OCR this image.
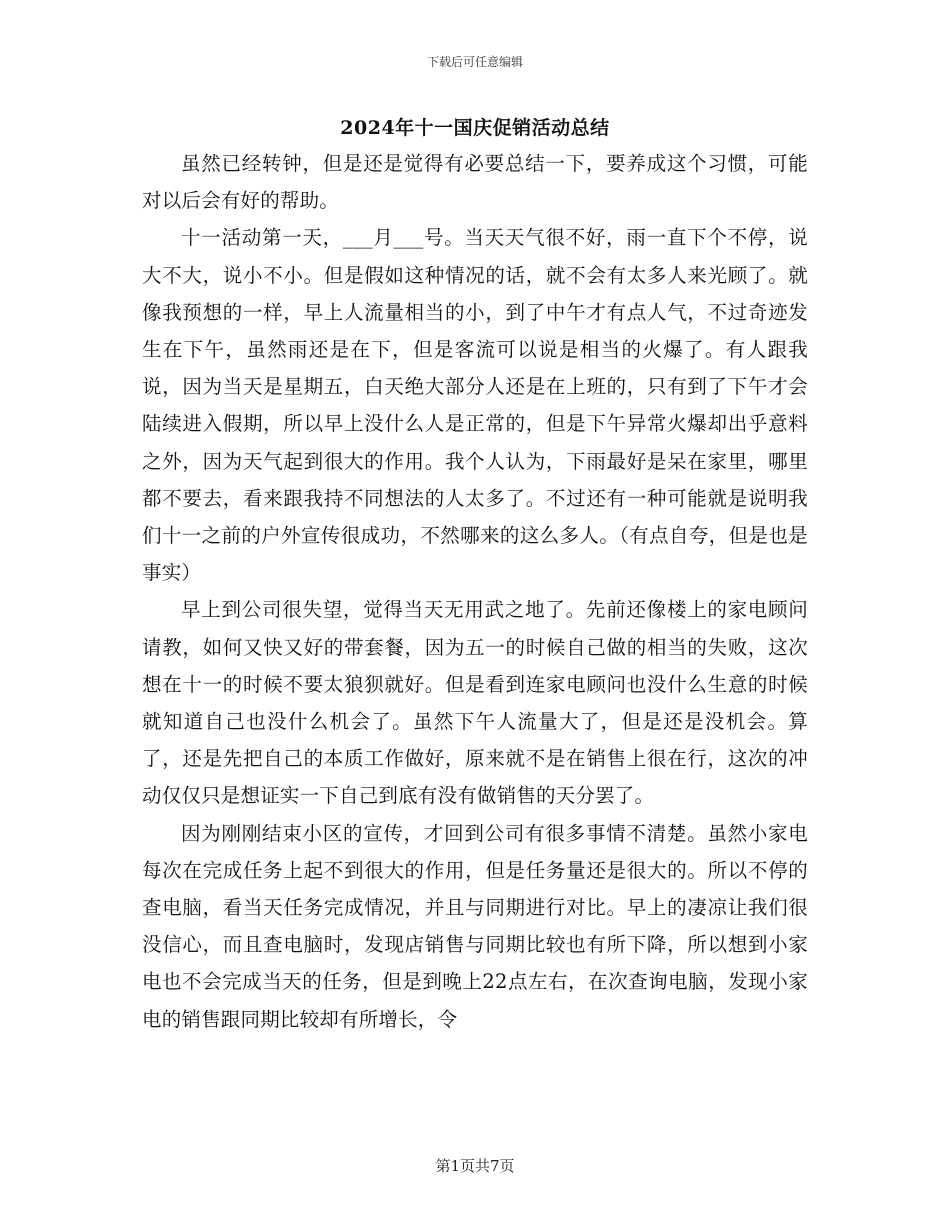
下载后可任意编辑
2024年十一国庆促销活动总结

虽然已经转钟，但是还是觉得有必要总结一下，要养成这个习惯，可能对以后会有好的帮助。

十一活动第一天，___月___号。当天天气很不好，雨一直下个不停，说大不大，说小不小。但是假如这种情况的话，就不会有太多人来光顾了。就像我预想的一样，早上人流量相当的小，到了中午才有点人气，不过奇迹发生在下午，虽然雨还是在下，但是客流可以说是相当的火爆了。有人跟我说，因为当天是星期五，白天绝大部分人还是在上班的，只有到了下午才会陆续进入假期，所以早上没什么人是正常的，但是下午异常火爆却出乎意料之外，因为天气起到很大的作用。我个人认为，下雨最好是呆在家里，哪里都不要去，看来跟我持不同想法的人太多了。不过还有一种可能就是说明我们十一之前的户外宣传很成功，不然哪来的这么多人。（有点自夸，但是也是事实）

早上到公司很失望，觉得当天无用武之地了。先前还像楼上的家电顾问请教，如何又快又好的带套餐，因为五一的时候自己做的相当的失败，这次想在十一的时候不要太狼狈就好。但是看到连家电顾问也没什么生意的时候就知道自己也没什么机会了。虽然下午人流量大了，但是还是没机会。算了，还是先把自己的本质工作做好，原来就不是在销售上很在行，这次的冲动仅仅只是想证实一下自己到底有没有做销售的天分罢了。

因为刚刚结束小区的宣传，才回到公司有很多事情不清楚。虽然小家电每次在完成任务上起不到很大的作用，但是任务量还是很大的。所以不停的查电脑，看当天任务完成情况，并且与同期进行对比。早上的凄凉让我们很没信心，而且查电脑时，发现店销售与同期比较也有所下降，所以想到小家电也不会完成当天的任务，但是到晚上22点左右，在次查询电脑，发现小家电的销售跟同期比较却有所增长，令

第1页共7页
